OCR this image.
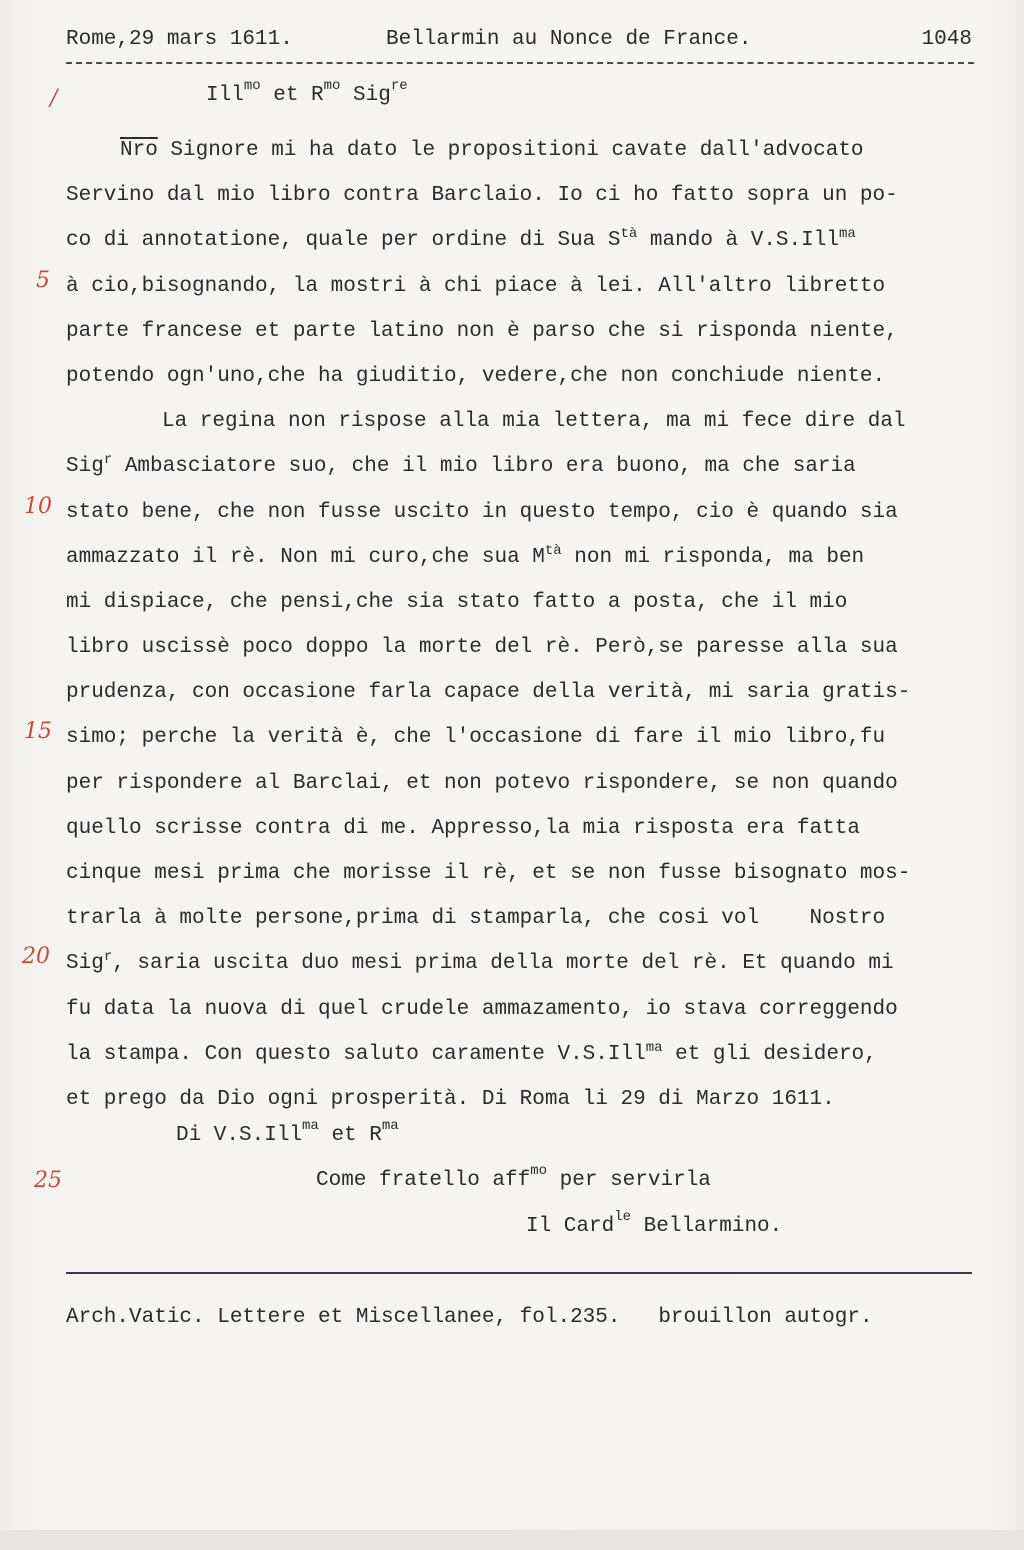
Rome,29 mars 1611.	Bellarmin au Nonce de France.	1048
Ill$^{mo}$ et $R^{mo}$ Sig$^{re}$
/
5
10
15
20
25
$\overline{Nro}$ Signore mi ha dato le propositioni cavate dall'advocato
Servino dal mio libro contra Barclaio. Io ci ho fatto sopra un po-
co di annotatione, quale per ordine di Sua $S^{tà}$ mando à V.S.Ill$^{ma}$
à cio,bisognando, la mostri à chi piace à lei. All'altro libretto
parte francese et parte latino non è parso che si risponda niente,
potendo ogn'uno,che ha giuditio, vedere,che non conchiude niente.
La regina non rispose alla mia lettera, ma mi fece dire dal
Sig$^r$ Ambasciatore suo, che il mio libro era buono, ma che saria
stato bene, che non fusse uscito in questo tempo, cio è quando sia
ammazzato il rè. Non mi curo,che sua $M^{tà}$ non mi risponda, ma ben
mi dispiace, che pensi,che sia stato fatto a posta, che il mio
libro uscissè poco doppo la morte del rè. Però,se paresse alla sua
prudenza, con occasione farla capace della verità, mi saria gratis-
simo; perche la verità è, che l'occasione di fare il mio libro,fu
per rispondere al Barclai, et non potevo rispondere, se non quando
quello scrisse contra di me. Appresso,la mia risposta era fatta
cinque mesi prima che morisse il rè, et se non fusse bisognato mos-
trarla à molte persone,prima di stamparla, che cosi vol    Nostro
Sig$^r$, saria uscita duo mesi prima della morte del rè. Et quando mi
fu data la nuova di quel crudele ammazamento, io stava correggendo
la stampa. Con questo saluto caramente V.S.Ill$^{ma}$ et gli desidero,
et prego da Dio ogni prosperità. Di Roma li 29 di Marzo 1611.
Di V.S.Ill$^{ma}$ et $R^{ma}$
Come fratello aff$^{mo}$ per servirla
Il Card$^{le}$ Bellarmino.
Arch.Vatic. Lettere et Miscellanee, fol.235. brouillon autogr.
